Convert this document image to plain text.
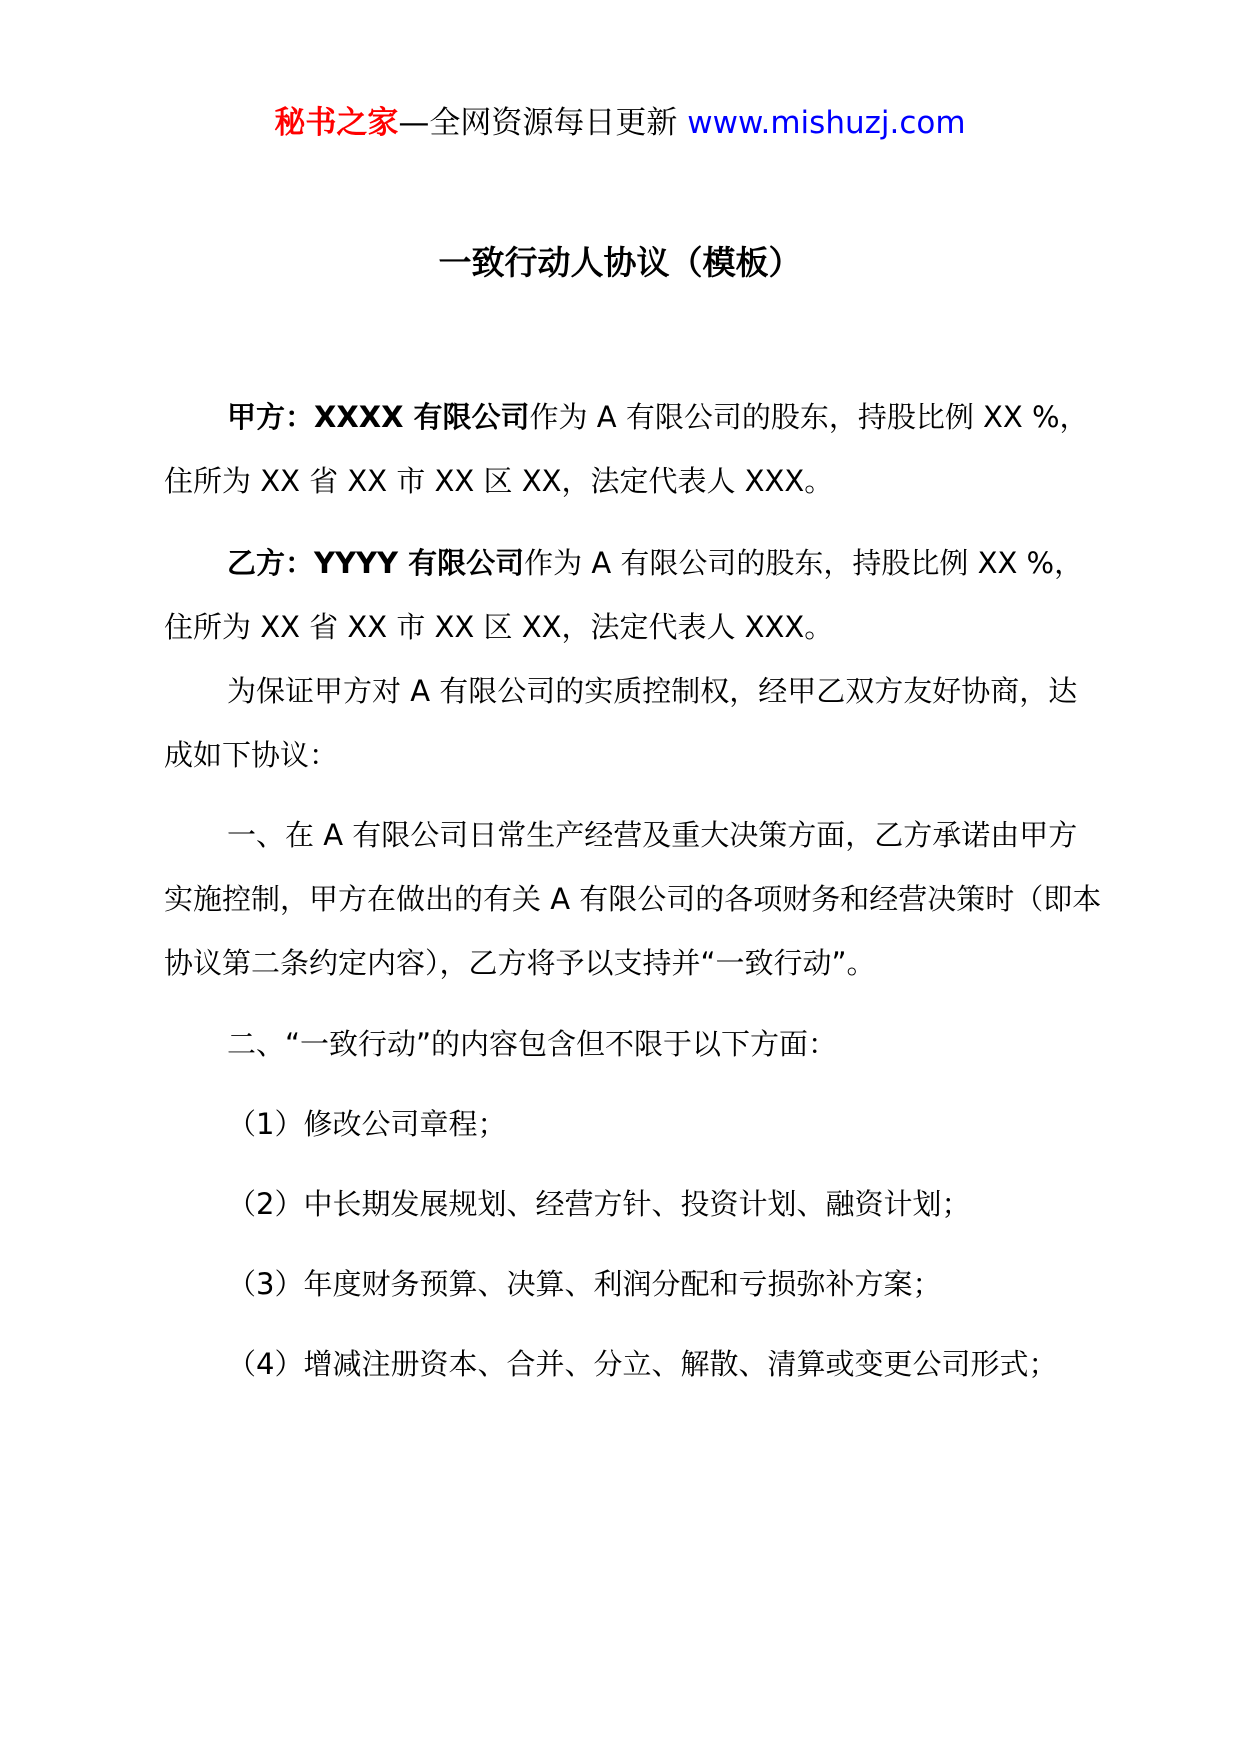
秘书之家—全网资源每日更新 www.mishuzj.com
一致行动人协议（模板）

甲方：XXXX 有限公司作为 A 有限公司的股东，持股比例 XX %，住所为 XX 省 XX 市 XX 区 XX，法定代表人 XXX。

乙方：YYYY 有限公司作为 A 有限公司的股东，持股比例 XX %，住所为 XX 省 XX 市 XX 区 XX，法定代表人 XXX。

为保证甲方对 A 有限公司的实质控制权，经甲乙双方友好协商，达成如下协议：

一、在 A 有限公司日常生产经营及重大决策方面，乙方承诺由甲方实施控制，甲方在做出的有关 A 有限公司的各项财务和经营决策时（即本协议第二条约定内容），乙方将予以支持并“一致行动”。

二、“一致行动”的内容包含但不限于以下方面：

（1）修改公司章程；

（2）中长期发展规划、经营方针、投资计划、融资计划；

（3）年度财务预算、决算、利润分配和亏损弥补方案；

（4）增减注册资本、合并、分立、解散、清算或变更公司形式；
